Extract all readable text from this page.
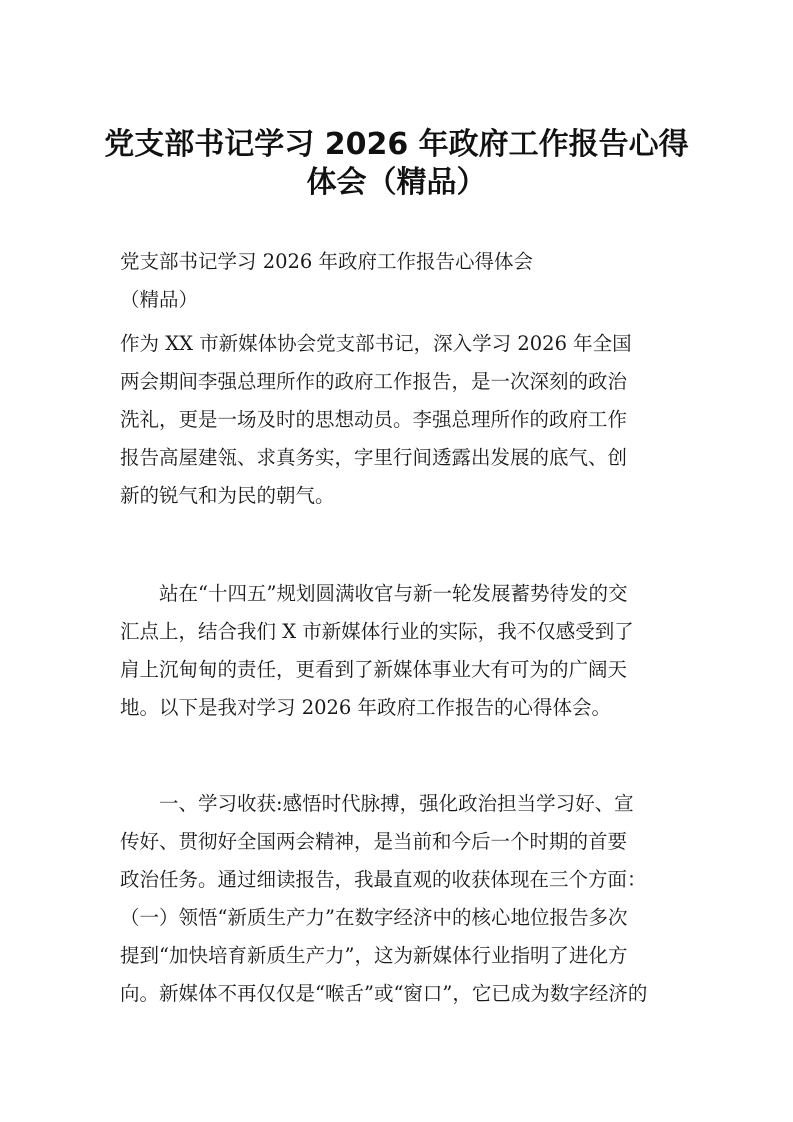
党支部书记学习 2026 年政府工作报告心得
体会（精品）
党支部书记学习 2026 年政府工作报告心得体会
（精品）
作为 XX 市新媒体协会党支部书记，深入学习 2026 年全国
两会期间李强总理所作的政府工作报告，是一次深刻的政治
洗礼，更是一场及时的思想动员。李强总理所作的政府工作
报告高屋建瓴、求真务实，字里行间透露出发展的底气、创
新的锐气和为民的朝气。
　　站在“十四五”规划圆满收官与新一轮发展蓄势待发的交
汇点上，结合我们 X 市新媒体行业的实际，我不仅感受到了
肩上沉甸甸的责任，更看到了新媒体事业大有可为的广阔天
地。以下是我对学习 2026 年政府工作报告的心得体会。
　　一、学习收获:感悟时代脉搏，强化政治担当学习好、宣
传好、贯彻好全国两会精神，是当前和今后一个时期的首要
政治任务。通过细读报告，我最直观的收获体现在三个方面：
（一）领悟“新质生产力”在数字经济中的核心地位报告多次
提到“加快培育新质生产力”，这为新媒体行业指明了进化方
向。新媒体不再仅仅是“喉舌”或“窗口”，它已成为数字经济的
